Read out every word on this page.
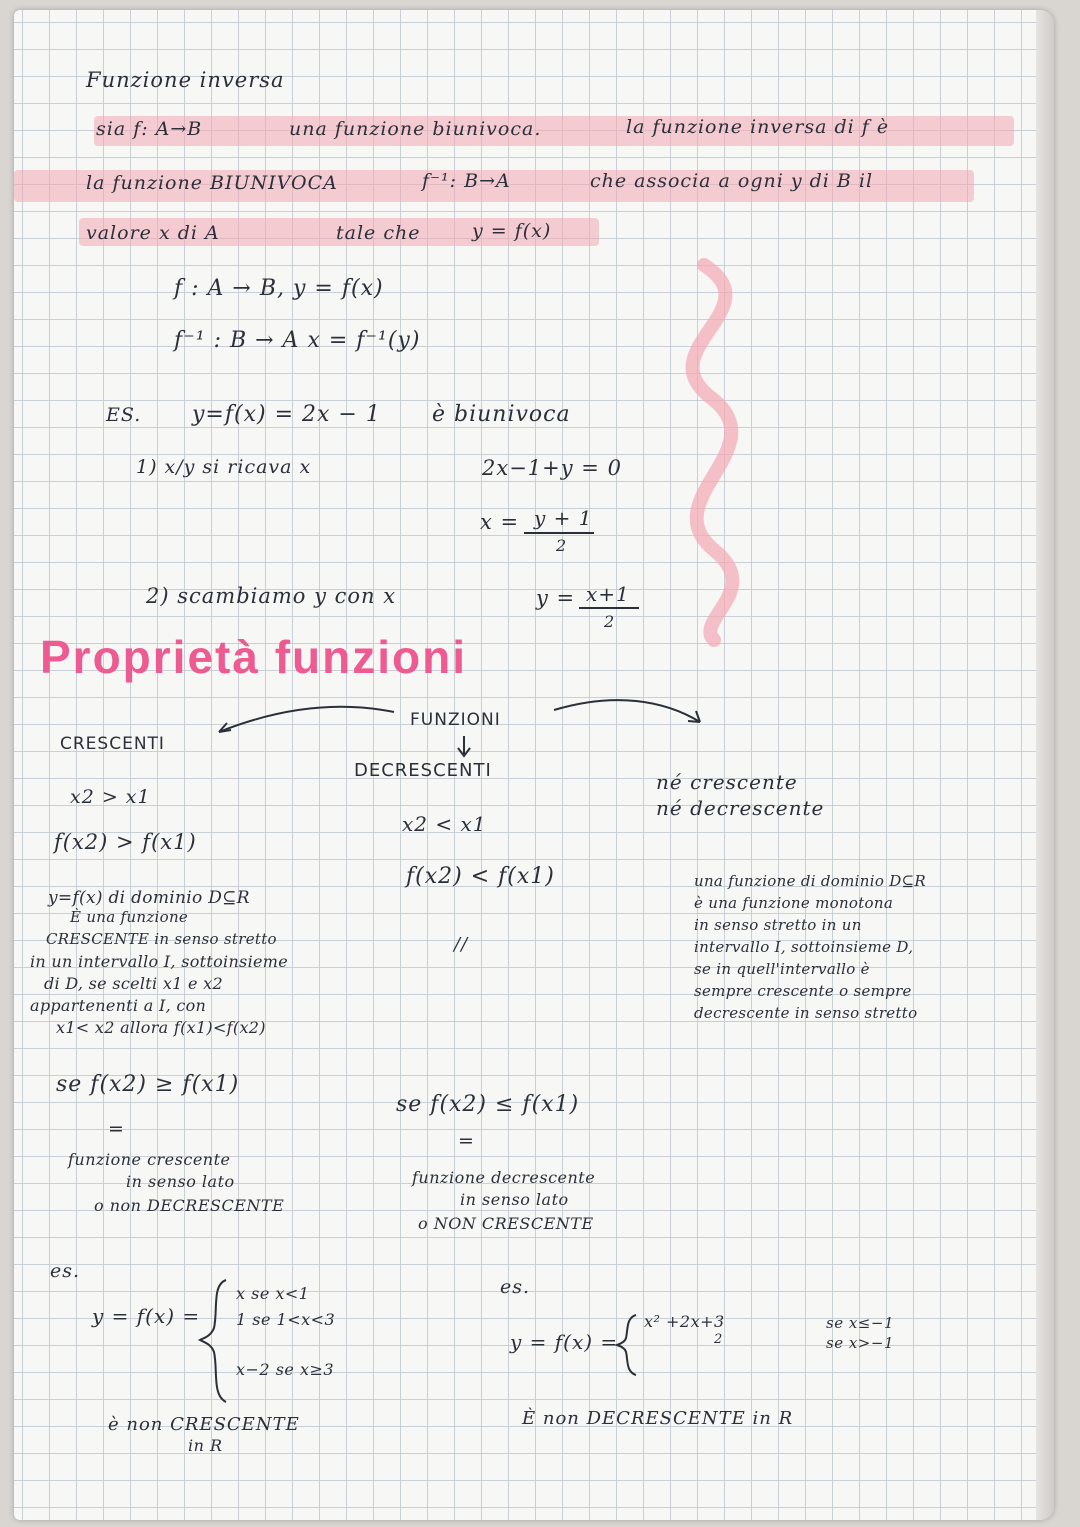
Funzione inversa
sia f: A→B	una funzione biunivoca.	la funzione inversa di f è
la funzione BIUNIVOCA	f⁻¹: B→A	che associa a ogni y di B il
valore x di A	tale che	y = f(x)
f : A → B, y = f(x)
f⁻¹ : B → A x = f⁻¹(y)
ES. y=f(x) = 2x − 1 è biunivoca
1) x/y si ricava x	2x−1+y = 0
x = y + 1
2
2) scambiamo y con x	y = x+1
2
Proprietà funzioni
FUNZIONI
CRESCENTI
DECRESCENTI	né crescente
né decrescente
x2 > x1
f(x2) > f(x1)
x2 < x1
f(x2) < f(x1)
//
y=f(x) di dominio D⊆R
È una funzione
CRESCENTE in senso stretto
in un intervallo I, sottoinsieme
di D, se scelti x1 e x2
appartenenti a I, con
x1< x2 allora f(x1)<f(x2)
una funzione di dominio D⊆R
è una funzione monotona
in senso stretto in un
intervallo I, sottoinsieme D,
se in quell'intervallo è
sempre crescente o sempre
decrescente in senso stretto
se f(x2) ≥ f(x1)
=
funzione crescente
in senso lato
o non DECRESCENTE
se f(x2) ≤ f(x1)
=
funzione decrescente
in senso lato
o NON CRESCENTE
es.
y = f(x) =
x se x<1
1 se 1<x<3
x−2 se x≥3
è non CRESCENTE
in R
es.
y = f(x) =
x² +2x+3
2
se x≤−1
se x>−1
È non DECRESCENTE in R
